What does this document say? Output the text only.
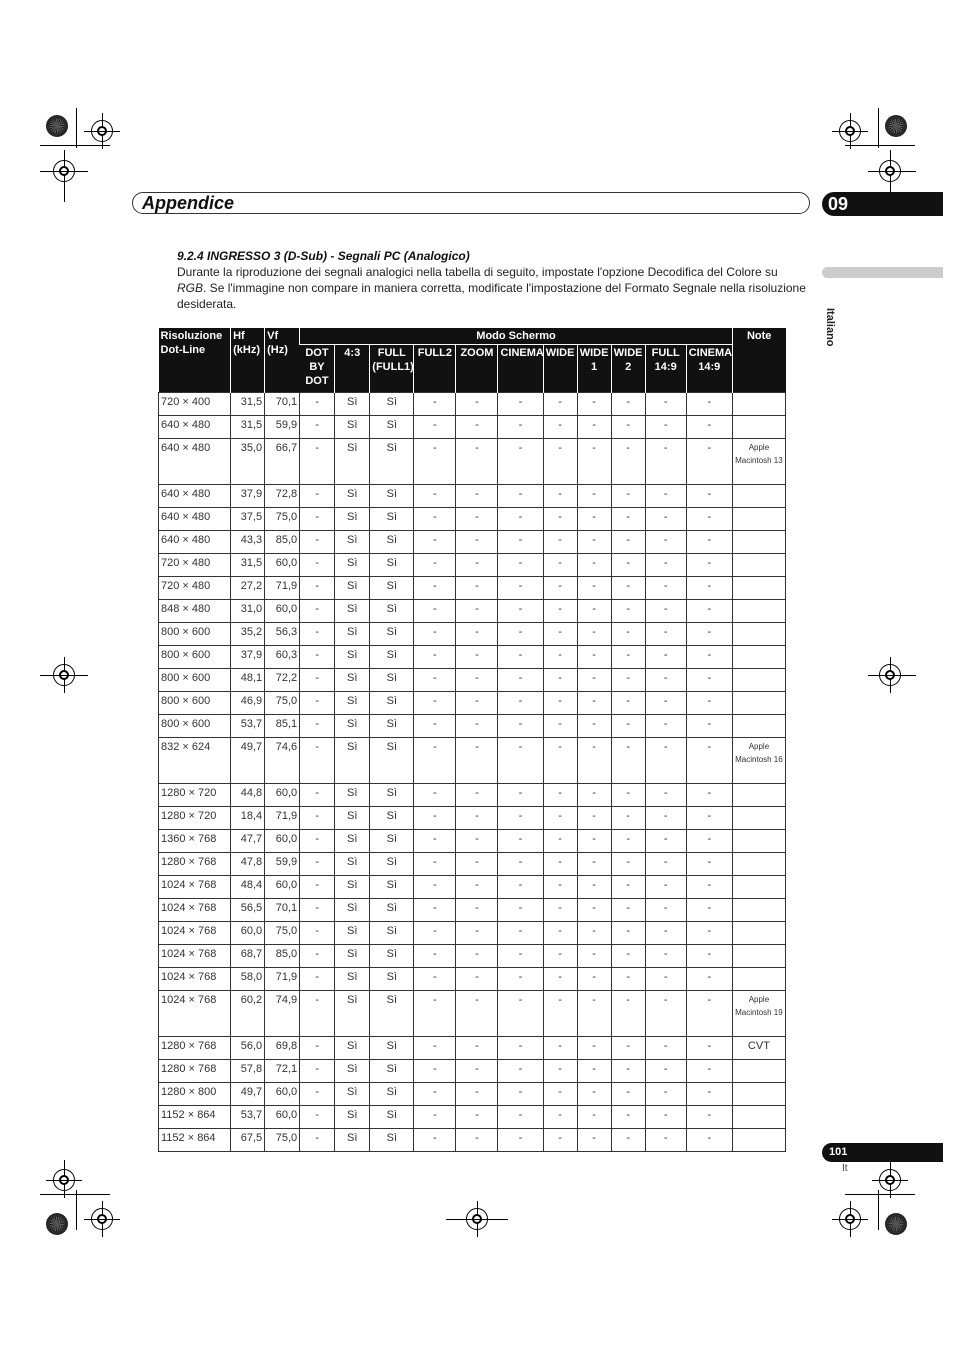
Appendice	09
Italiano
9.2.4 INGRESSO 3 (D-Sub) - Segnali PC (Analogico)
Durante la riproduzione dei segnali analogici nella tabella di seguito, impostate l'opzione Decodifica del Colore su RGB. Se l'immagine non compare in maniera corretta, modificate l'impostazione del Formato Segnale nella risoluzione desiderata.
Risoluzione Dot-Line	Hf (kHz)	Vf (Hz)	Modo Schermo											Note
			DOT BY DOT	4:3	FULL (FULL1)	FULL2	ZOOM	CINEMA	WIDE	WIDE 1	WIDE 2	FULL 14:9	CINEMA 14:9	
720 × 400	31,5	70,1	-	Sì	Sì	-	-	-	-	-	-	-	-	
640 × 480	31,5	59,9	-	Sì	Sì	-	-	-	-	-	-	-	-	
640 × 480	35,0	66,7	-	Sì	Sì	-	-	-	-	-	-	-	-	Apple Macintosh 13
640 × 480	37,9	72,8	-	Sì	Sì	-	-	-	-	-	-	-	-	
640 × 480	37,5	75,0	-	Sì	Sì	-	-	-	-	-	-	-	-	
640 × 480	43,3	85,0	-	Sì	Sì	-	-	-	-	-	-	-	-	
720 × 480	31,5	60,0	-	Sì	Sì	-	-	-	-	-	-	-	-	
720 × 480	27,2	71,9	-	Sì	Sì	-	-	-	-	-	-	-	-	
848 × 480	31,0	60,0	-	Sì	Sì	-	-	-	-	-	-	-	-	
800 × 600	35,2	56,3	-	Sì	Sì	-	-	-	-	-	-	-	-	
800 × 600	37,9	60,3	-	Sì	Sì	-	-	-	-	-	-	-	-	
800 × 600	48,1	72,2	-	Sì	Sì	-	-	-	-	-	-	-	-	
800 × 600	46,9	75,0	-	Sì	Sì	-	-	-	-	-	-	-	-	
800 × 600	53,7	85,1	-	Sì	Sì	-	-	-	-	-	-	-	-	
832 × 624	49,7	74,6	-	Sì	Sì	-	-	-	-	-	-	-	-	Apple Macintosh 16
1280 × 720	44,8	60,0	-	Sì	Sì	-	-	-	-	-	-	-	-	
1280 × 720	18,4	71,9	-	Sì	Sì	-	-	-	-	-	-	-	-	
1360 × 768	47,7	60,0	-	Sì	Sì	-	-	-	-	-	-	-	-	
1280 × 768	47,8	59,9	-	Sì	Sì	-	-	-	-	-	-	-	-	
1024 × 768	48,4	60,0	-	Sì	Sì	-	-	-	-	-	-	-	-	
1024 × 768	56,5	70,1	-	Sì	Sì	-	-	-	-	-	-	-	-	
1024 × 768	60,0	75,0	-	Sì	Sì	-	-	-	-	-	-	-	-	
1024 × 768	68,7	85,0	-	Sì	Sì	-	-	-	-	-	-	-	-	
1024 × 768	58,0	71,9	-	Sì	Sì	-	-	-	-	-	-	-	-	
1024 × 768	60,2	74,9	-	Sì	Sì	-	-	-	-	-	-	-	-	Apple Macintosh 19
1280 × 768	56,0	69,8	-	Sì	Sì	-	-	-	-	-	-	-	-	CVT
1280 × 768	57,8	72,1	-	Sì	Sì	-	-	-	-	-	-	-	-	
1280 × 800	49,7	60,0	-	Sì	Sì	-	-	-	-	-	-	-	-	
1152 × 864	53,7	60,0	-	Sì	Sì	-	-	-	-	-	-	-	-	
1152 × 864	67,5	75,0	-	Sì	Sì	-	-	-	-	-	-	-	-	
101
It
